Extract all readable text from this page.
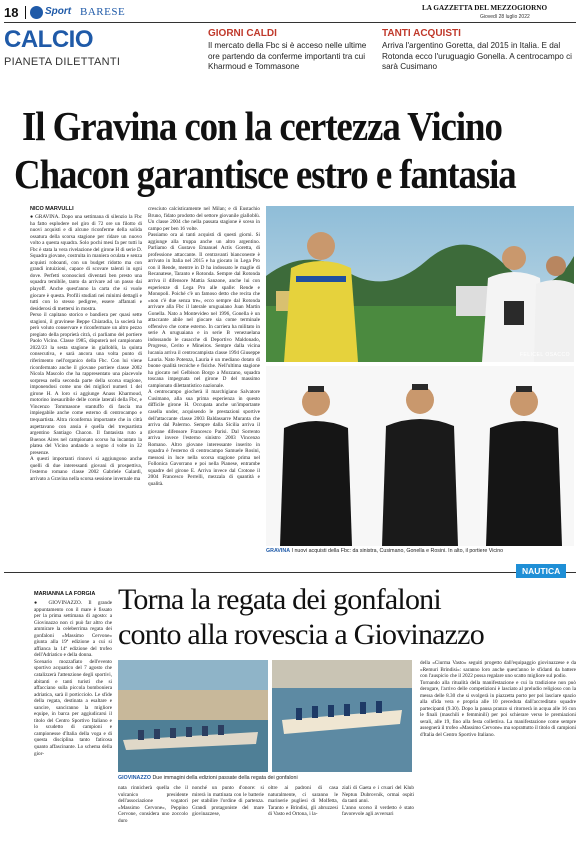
18	Sport BARESE	LA GAZZETTA DEL MEZZOGIORNO
Giovedì 28 luglio 2022
CALCIO
PIANETA DILETTANTI
GIORNI CALDI
Il mercato della Fbc si è acceso nelle ultime ore partendo da conferme importanti tra cui Kharmoud e Tommasone
TANTI ACQUISTI
Arriva l'argentino Goretta, dal 2015 in Italia. E dal Rotonda ecco l'uruguagio Gonella. A centrocampo ci sarà Cusimano
Il Gravina con la certezza Vicino
Chacon garantisce estro e fantasia
NICO MARVULLI
● GRAVINA. Dopo una settimana di silenzio la Fbc ha fatto esplodere nel giro di 72 ore un filotto di nuovi acquisti e di alcune riconferme della solida ossatura della scorsa stagione per ridare un nuovo volto a questa squadra. Solo pochi mesi fa per tutti la Fbc è stata la vera rivelazione del girone H di serie D. Squadra giovane, costruita in maniera oculata e senza acquisti roboanti, con un budget ridotto ma con grandi intuizioni, capace di scovare talenti in ogni dove. Perfetti sconosciuti diventati ben presto una squadra temibile, tanto da arrivare ad un passo dai playoff. Anche quest'anno la carta che si vuole giocare è questa. Profili studiati nei minimi dettagli e tutti con lo stesso pedigree, essere affamati e desiderosi di mettersi in mostra.
Perso il capitano storico e bandiera per quasi sette stagioni, il gravinese Beppe Chiaradia, la società ha però voluto conservare e riconfermare un altro pezzo pregiato della proprietà citrà, ci parliamo del portiere Paolo Vicino. Classe 1985, disputerà nel campionato 2022/23 la sesta stagione in gialloblù, la quinta consecutiva, e sarà ancora una volta punto di riferimento nell'organico della Fbc. Con lui viene riconfermato anche il giovane portiere classe 2002 Nicola Mascolo che ha rappresentato una piacevole sorpresa nella seconda parte della scorsa stagione, imponendosi come uno dei migliori numeri 1 del girone H. A loro si aggiunge Anass Kharmoud, motorino inesauribile delle corsie laterali della Fbc, e Vincenzo Tommasone stantuffo di fascia ma impiegabile anche come esterno di centrocampo e trequartista. Altra riconferma importante che in città aspettavano con ansia è quella del trequartista argentino Santiago Chacon. Il fantasista ruto a Buenos Aires nel campionato scorso ha incantato la platea del Vicino andando a segno 4 volte in 32 presenze.
A questi importanti rinnovi si aggiungono anche quelli di due interessanti giovani di prospettiva, l'esterno romano classe 2002 Gabriele Galardi, arrivato a Gravina nella scorsa sessione invernale ma
cresciuto calcisticamente nel Milan; e di Eustachio Bruno, fidato prodotto del settore giovanile gialloblù. Un classe 2004 che nella passata stagione è sceso in campo per ben 16 volte.
Passiamo ora ai tanti acquisti di questi giorni. Si aggiunge alla truppa anche un altro argentino. Parliamo di Gustavo Emanuel Actis Goretta, di professione attaccante. Il centravanti bianconeste è arrivato in Italia nel 2015 e ha giocato in Lega Pro con il Rende, mentre in D ha indossato le maglie di Recanatese, Taranto e Rotonda. Sempre dal Rotonda arriva il difensore Mattia Sanzone, anche lui con esperienze di Lega Pro alle spalle: Rende e Monopoli. Poiché c'è un famoso detto che recita che «non c'è due senza tre», ecco sempre dal Rotonda arrivare alla Fbc il laterale uruguaiano Juan Martin Gonella. Nato a Montevideo nel 1996, Gonella è un attaccante abile nel giocare sia come terminale offensivo che come esterno. In carriera ha militato in serie A uruguaiana e in serie B venezuelana indossando le casacche di Deportivo Maldonado, Progreso, Cerito e Mineiros. Sempre dalla vicina lucania arriva il centrocampista classe 1994 Giuseppe Lauria. Nato Potenza, Lauria è un mediano dotato di buone qualità tecniche e fisiche. Nell'ultima stagione ha giocato nel Gelbison Borgo a Mozzano, squadra toscana impegnata nel girone D del massimo campionato dilettantistico nazionale.
A centrocampo giocherà il marchigiano Salvatore Cusimano, alla sua prima esperienza in questo difficile girone H. Occupata anche un'importante casella under, acquisendo le prestazioni sportive dell'attaccante classe 2003 Baldassarre Muranta che arriva dal Palermo. Sempre dalla Sicilia arriva il giovane difensore Francesco Parisi. Dal Sorrento arriva invece l'esterno sinistro 2003 Vincenzo Romano. Altro giovane interessante inserito in squadra è l'esterno di centrocampo Samuele Rosini, messosi in luce nella scorsa stagione prima nel Follonica Gavorrano e poi nella Pianese, entrambe squadre del girone E. Arriva invece dal Crotone il 2004 Francesco Perrelli, mezzala di quantità e qualità.
FELICEL OSACCO
GRAVINA I nuovi acquisti della Fbc: da sinistra, Cusimano, Gonella e Rosini. In alto, il portiere Vicino
NAUTICA
Torna la regata dei gonfaloni
conto alla rovescia a Giovinazzo
MARIANNA LA FORGIA
● GIOVINAZZO. Il grande appuntamento con il mare è fissato per la prima settimana di agosto: a Giovinazzo non ci può far altro che ammirare la celeberrima regata dei gonfaloni «Massimo Cervone» giunta alla 19ª edizione a cui si affianca la 14ª edizione del trofeo dell'Adriatico e della donna.
Scenario mozzafiato dell'evento sportivo acquatico del 7 agosto che catalizzerà l'attenzione degli sportivi, abitanti e tanti turisti che si affacciano sulla piccola bomboniera adriatica, sarà il porticciolo. Le sfide della regata, destinata a esaltare e sancire, sanciranno la migliore equipe, in barca per aggiudicarsi il titolo del Centro Sportivo Italiano e lo scudetto di campioni e campionesse d'Italia della voga e di questa disciplina tanto faticosa quanto affascinante. Lo schema della gior-
GIOVINAZZO Due immagini della edizioni passate della regata dei gonfaloni
nata rinnicherà quella che il vulcanico presidente dell'associazione vogatori «Massimo Cervone», Peppino Cervone, considera uno zoccolo duro
nonché un punto d'onore: si mirerà in mattinata con le batterie per stabilire l'ordine di partenza. Grandi protagoniste del mare giovinazzese,
oltre ai padroni di casa naturalmente, ci saranno le marinerie pugliesi di Molfetta, Taranto e Brindisi, gli abruzzesi di Vasto ed Ortona, i la-
ziali di Gaeta e i cruari del Klub Neptun Dubrovnik, ormai ospiti da tanti anni.
L'anno scorso il verdetto è stato favorevole agli avversari
della «Ciurma Vasto» seguiti progetto dall'equipaggio giovinazzese e da «Remuri Brindisi»: saranno loro anche quest'anno le sfidanti da battere con l'auspicio che il 2022 possa regalare uno scatto migliore sul podio.
Tornando alla ritualità della manifestazione e cui la tradizione non può derogare, l'arrivo delle competizioni è lasciato al preludio religioso con la messa delle 8.30 che si svolgerà in piazzetta porto per poi lasciare spazio alla sfida vera e propria alle 10 preceduta dall'accreditato squadre partecipanti (9.30). Dopo la pausa pranzo si ritornerà in acqua alle 16 con le finali (maschili e femminili) per poi schierare verso le premiazioni serali, alle 19, fino alla festa collettiva. La manifestazione come sempre assegnerà il trofeo «Massimo Cervone» ma soprattutto il titolo di campioni d'Italia del Centro Sportivo Italiano.
